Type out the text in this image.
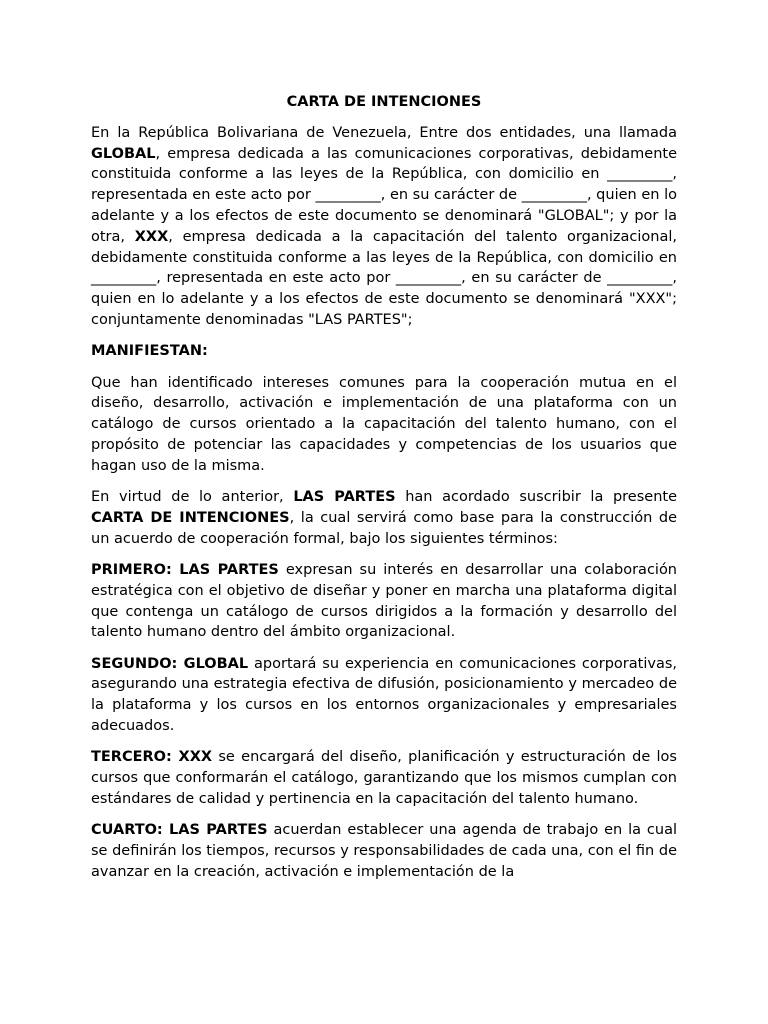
CARTA DE INTENCIONES

En la República Bolivariana de Venezuela, Entre dos entidades, una llamada GLOBAL, empresa dedicada a las comunicaciones corporativas, debidamente constituida conforme a las leyes de la República, con domicilio en _________, representada en este acto por _________, en su carácter de _________, quien en lo adelante y a los efectos de este documento se denominará "GLOBAL"; y por la otra, XXX, empresa dedicada a la capacitación del talento organizacional, debidamente constituida conforme a las leyes de la República, con domicilio en _________, representada en este acto por _________, en su carácter de _________, quien en lo adelante y a los efectos de este documento se denominará "XXX"; conjuntamente denominadas "LAS PARTES";

MANIFIESTAN:

Que han identificado intereses comunes para la cooperación mutua en el diseño, desarrollo, activación e implementación de una plataforma con un catálogo de cursos orientado a la capacitación del talento humano, con el propósito de potenciar las capacidades y competencias de los usuarios que hagan uso de la misma.

En virtud de lo anterior, LAS PARTES han acordado suscribir la presente CARTA DE INTENCIONES, la cual servirá como base para la construcción de un acuerdo de cooperación formal, bajo los siguientes términos:

PRIMERO: LAS PARTES expresan su interés en desarrollar una colaboración estratégica con el objetivo de diseñar y poner en marcha una plataforma digital que contenga un catálogo de cursos dirigidos a la formación y desarrollo del talento humano dentro del ámbito organizacional.

SEGUNDO: GLOBAL aportará su experiencia en comunicaciones corporativas, asegurando una estrategia efectiva de difusión, posicionamiento y mercadeo de la plataforma y los cursos en los entornos organizacionales y empresariales adecuados.

TERCERO: XXX se encargará del diseño, planificación y estructuración de los cursos que conformarán el catálogo, garantizando que los mismos cumplan con estándares de calidad y pertinencia en la capacitación del talento humano.

CUARTO: LAS PARTES acuerdan establecer una agenda de trabajo en la cual se definirán los tiempos, recursos y responsabilidades de cada una, con el fin de avanzar en la creación, activación e implementación de la
